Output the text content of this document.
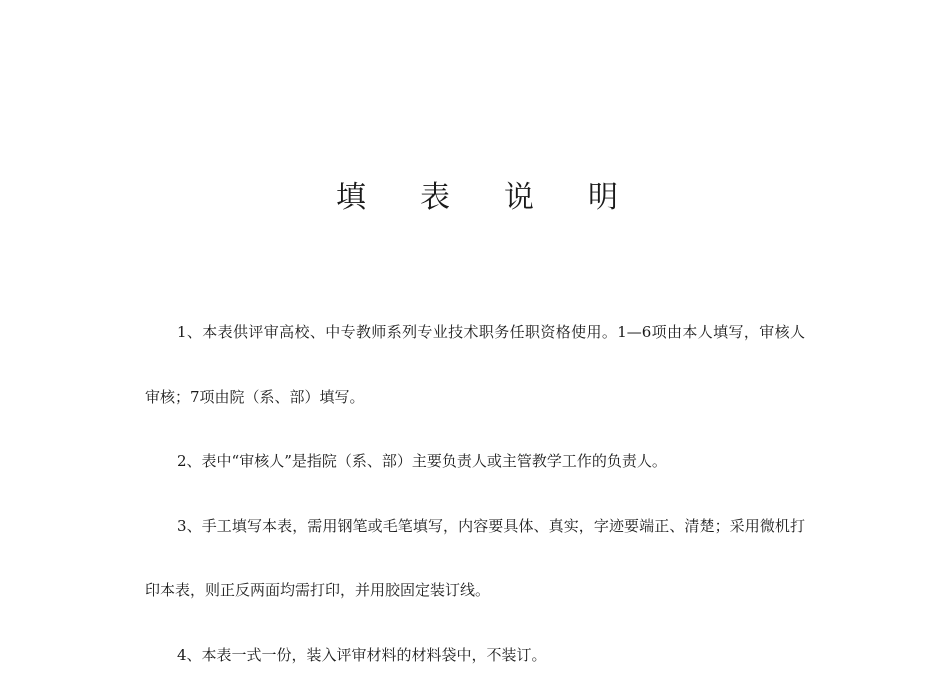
填 表 说 明

1、本表供评审高校、中专教师系列专业技术职务任职资格使用。1—6项由本人填写，审核人审核；7项由院（系、部）填写。

2、表中“审核人”是指院（系、部）主要负责人或主管教学工作的负责人。

3、手工填写本表，需用钢笔或毛笔填写，内容要具体、真实，字迹要端正、清楚；采用微机打印本表，则正反两面均需打印，并用胶固定装订线。

4、本表一式一份，装入评审材料的材料袋中，不装订。
